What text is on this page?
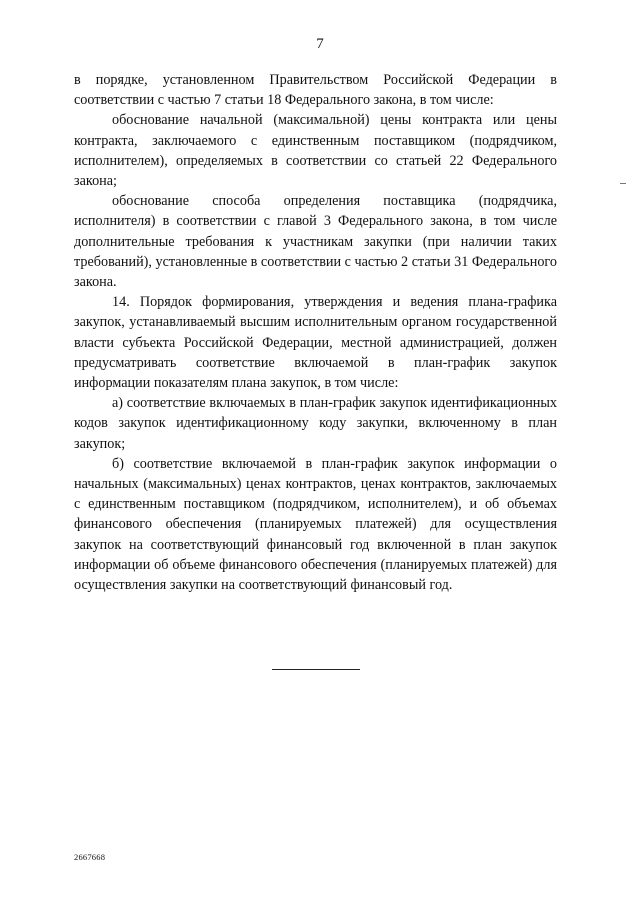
7

в порядке, установленном Правительством Российской Федерации в соответствии с частью 7 статьи 18 Федерального закона, в том числе:

обоснование начальной (максимальной) цены контракта или цены контракта, заключаемого с единственным поставщиком (подрядчиком, исполнителем), определяемых в соответствии со статьей 22 Федерального закона;

обоснование способа определения поставщика (подрядчика, исполнителя) в соответствии с главой 3 Федерального закона, в том числе дополнительные требования к участникам закупки (при наличии таких требований), установленные в соответствии с частью 2 статьи 31 Федерального закона.

14. Порядок формирования, утверждения и ведения плана-графика закупок, устанавливаемый высшим исполнительным органом государственной власти субъекта Российской Федерации, местной администрацией, должен предусматривать соответствие включаемой в план-график закупок информации показателям плана закупок, в том числе:

а) соответствие включаемых в план-график закупок идентификационных кодов закупок идентификационному коду закупки, включенному в план закупок;

б) соответствие включаемой в план-график закупок информации о начальных (максимальных) ценах контрактов, ценах контрактов, заключаемых с единственным поставщиком (подрядчиком, исполнителем), и об объемах финансового обеспечения (планируемых платежей) для осуществления закупок на соответствующий финансовый год включенной в план закупок информации об объеме финансового обеспечения (планируемых платежей) для осуществления закупки на соответствующий финансовый год.

2667668
